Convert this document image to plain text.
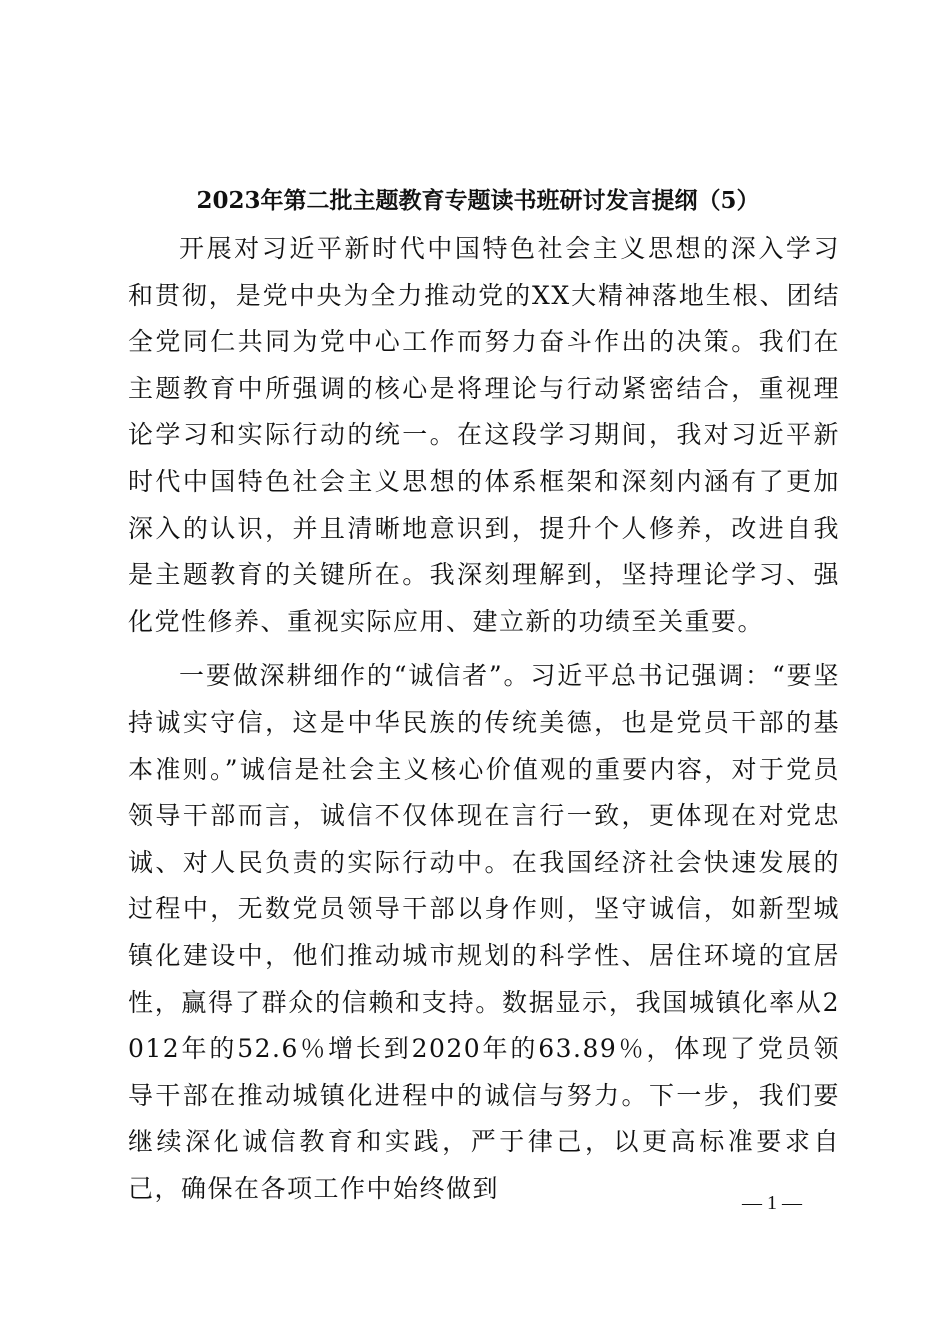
2023年第二批主题教育专题读书班研讨发言提纲（5）

开展对习近平新时代中国特色社会主义思想的深入学习和贯彻，是党中央为全力推动党的XX大精神落地生根、团结全党同仁共同为党中心工作而努力奋斗作出的决策。我们在主题教育中所强调的核心是将理论与行动紧密结合，重视理论学习和实际行动的统一。在这段学习期间，我对习近平新时代中国特色社会主义思想的体系框架和深刻内涵有了更加深入的认识，并且清晰地意识到，提升个人修养，改进自我是主题教育的关键所在。我深刻理解到，坚持理论学习、强化党性修养、重视实际应用、建立新的功绩至关重要。

一要做深耕细作的“诚信者”。习近平总书记强调：“要坚持诚实守信，这是中华民族的传统美德，也是党员干部的基本准则。”诚信是社会主义核心价值观的重要内容，对于党员领导干部而言，诚信不仅体现在言行一致，更体现在对党忠诚、对人民负责的实际行动中。在我国经济社会快速发展的过程中，无数党员领导干部以身作则，坚守诚信，如新型城镇化建设中，他们推动城市规划的科学性、居住环境的宜居性，赢得了群众的信赖和支持。数据显示，我国城镇化率从2012年的52.6％增长到2020年的63.89％，体现了党员领导干部在推动城镇化进程中的诚信与努力。下一步，我们要继续深化诚信教育和实践，严于律己，以更高标准要求自己，确保在各项工作中始终做到

— 1 —
